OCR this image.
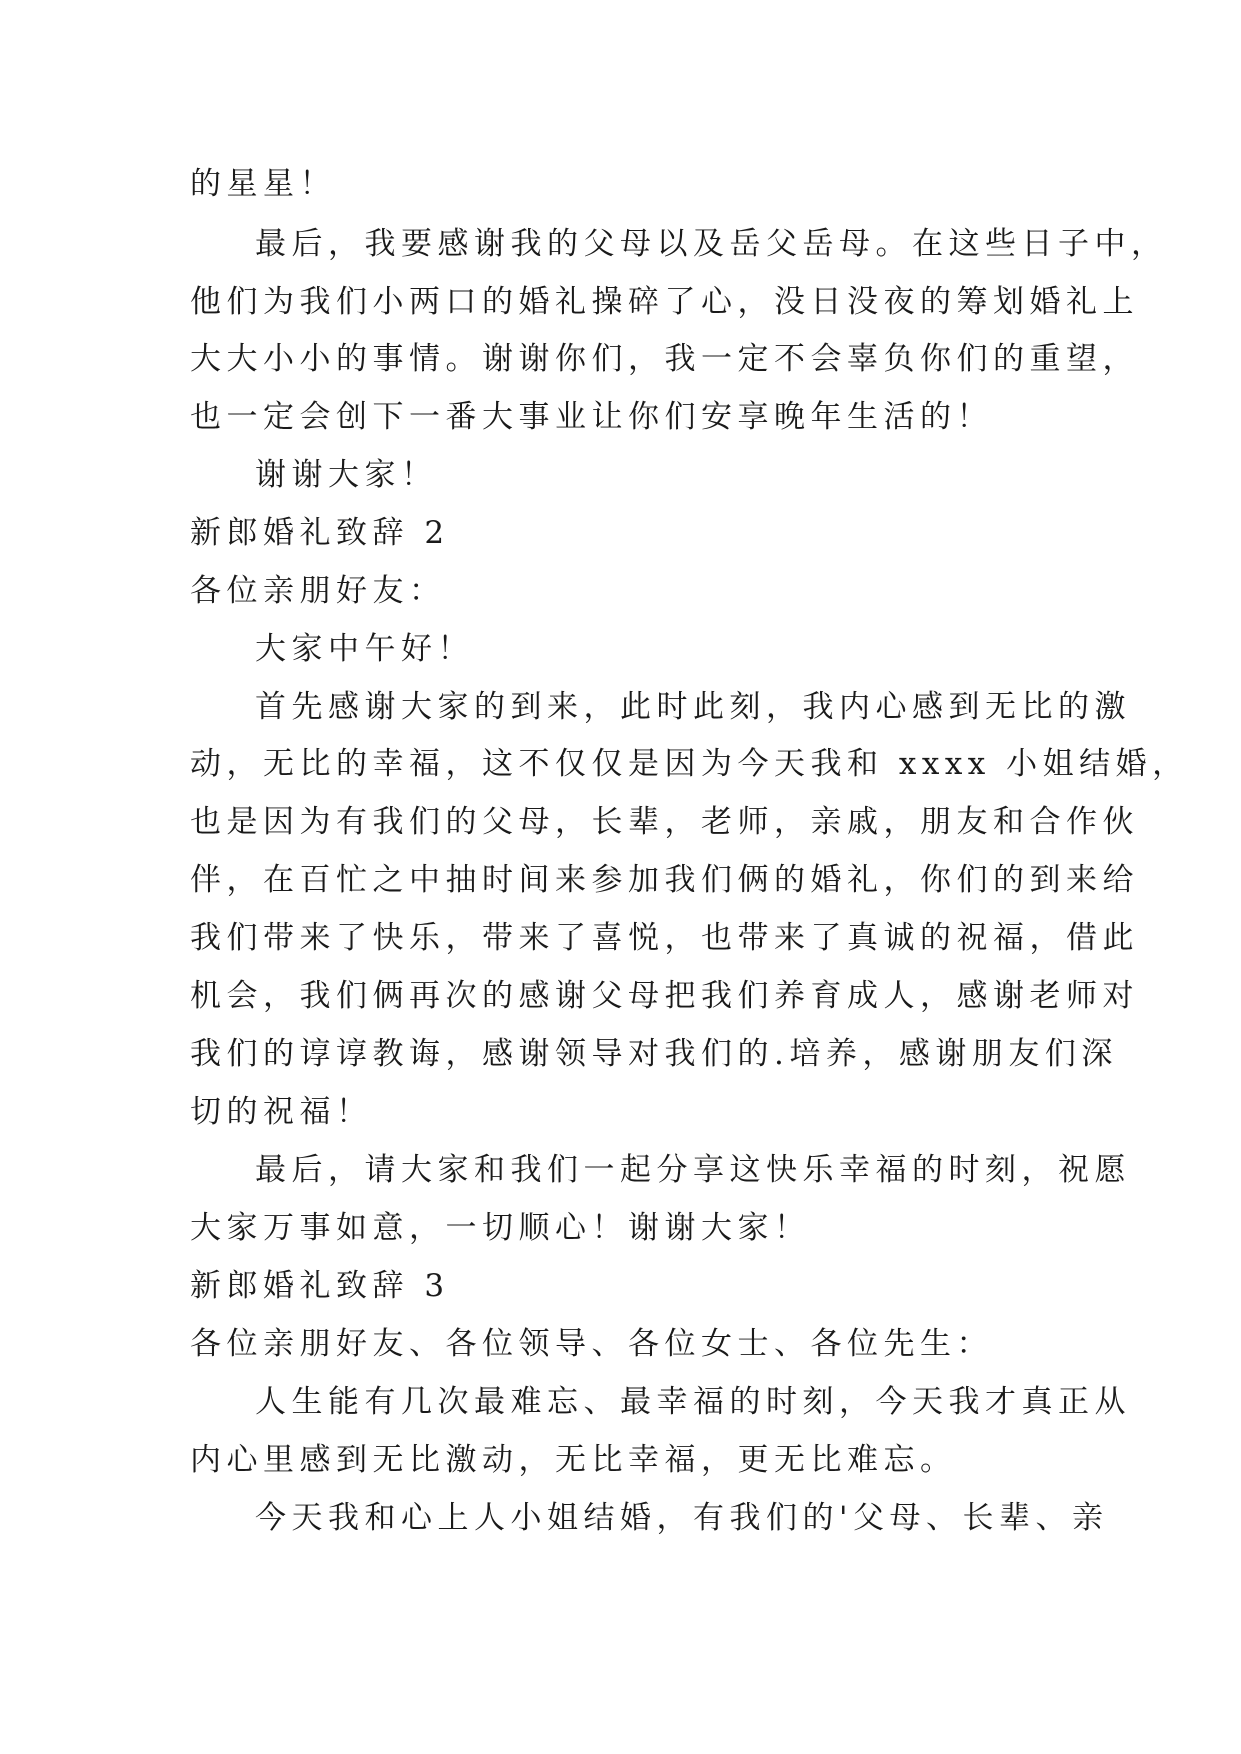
的星星！

最后，我要感谢我的父母以及岳父岳母。在这些日子中，

他们为我们小两口的婚礼操碎了心，没日没夜的筹划婚礼上

大大小小的事情。谢谢你们，我一定不会辜负你们的重望，

也一定会创下一番大事业让你们安享晚年生活的！

谢谢大家！

新郎婚礼致辞 2

各位亲朋好友：

大家中午好！

首先感谢大家的到来，此时此刻，我内心感到无比的激

动，无比的幸福，这不仅仅是因为今天我和 xxxx 小姐结婚，

也是因为有我们的父母，长辈，老师，亲戚，朋友和合作伙

伴，在百忙之中抽时间来参加我们俩的婚礼，你们的到来给

我们带来了快乐，带来了喜悦，也带来了真诚的祝福，借此

机会，我们俩再次的感谢父母把我们养育成人，感谢老师对

我们的谆谆教诲，感谢领导对我们的.培养，感谢朋友们深

切的祝福！

最后，请大家和我们一起分享这快乐幸福的时刻，祝愿

大家万事如意，一切顺心！谢谢大家！

新郎婚礼致辞 3

各位亲朋好友、各位领导、各位女士、各位先生：

人生能有几次最难忘、最幸福的时刻，今天我才真正从

内心里感到无比激动，无比幸福，更无比难忘。

今天我和心上人小姐结婚，有我们的'父母、长辈、亲
